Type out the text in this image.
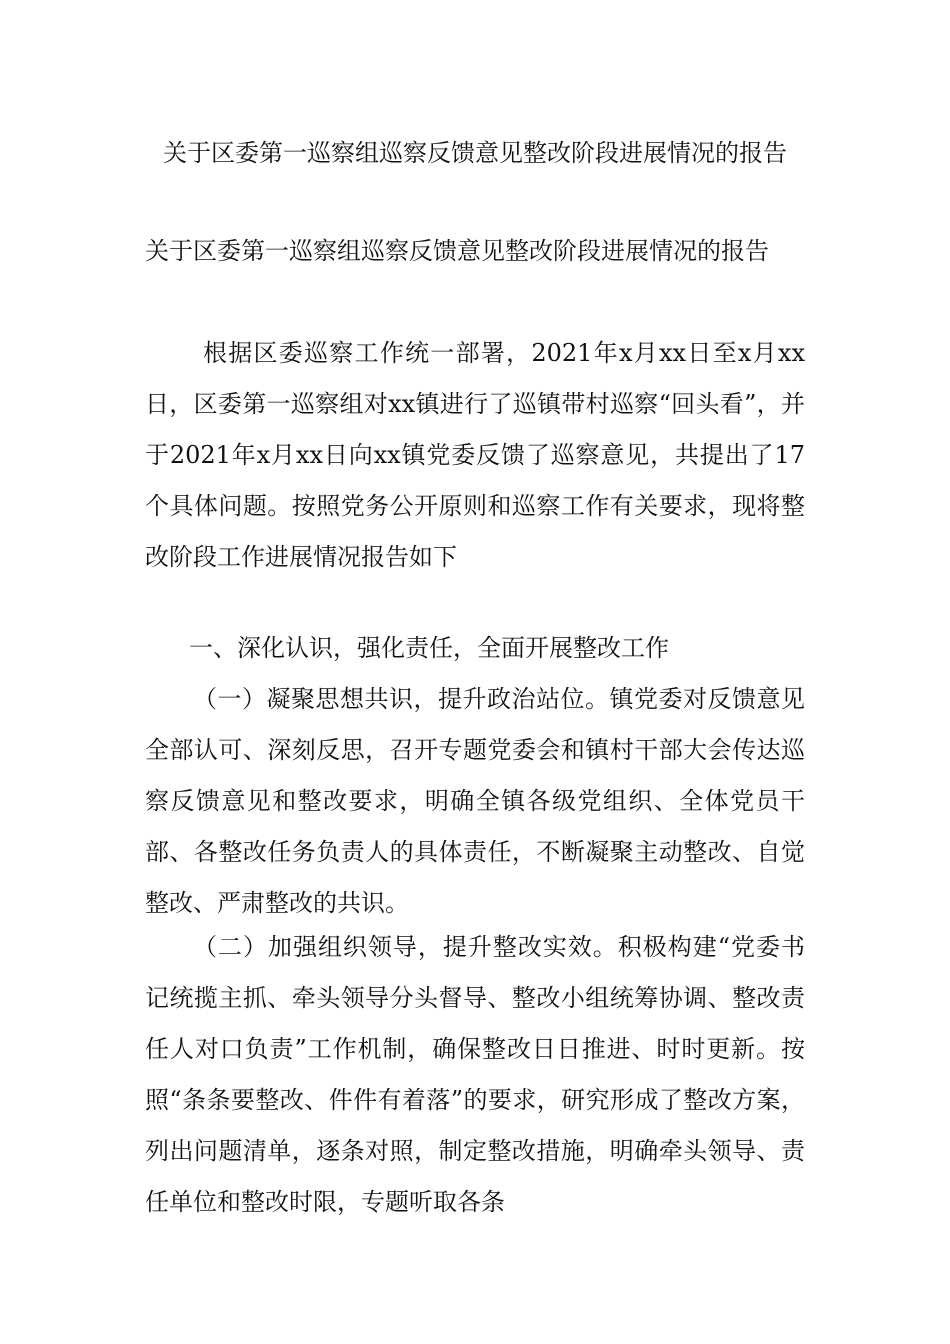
关于区委第一巡察组巡察反馈意见整改阶段进展情况的报告

关于区委第一巡察组巡察反馈意见整改阶段进展情况的报告

根据区委巡察工作统一部署，2021年x月xx日至x月xx日，区委第一巡察组对xx镇进行了巡镇带村巡察“回头看”，并于2021年x月xx日向xx镇党委反馈了巡察意见，共提出了17个具体问题。按照党务公开原则和巡察工作有关要求，现将整改阶段工作进展情况报告如下

一、深化认识，强化责任，全面开展整改工作

（一）凝聚思想共识，提升政治站位。镇党委对反馈意见全部认可、深刻反思，召开专题党委会和镇村干部大会传达巡察反馈意见和整改要求，明确全镇各级党组织、全体党员干部、各整改任务负责人的具体责任，不断凝聚主动整改、自觉整改、严肃整改的共识。

（二）加强组织领导，提升整改实效。积极构建“党委书记统揽主抓、牵头领导分头督导、整改小组统筹协调、整改责任人对口负责”工作机制，确保整改日日推进、时时更新。按照“条条要整改、件件有着落”的要求，研究形成了整改方案，列出问题清单，逐条对照，制定整改措施，明确牵头领导、责任单位和整改时限，专题听取各条
